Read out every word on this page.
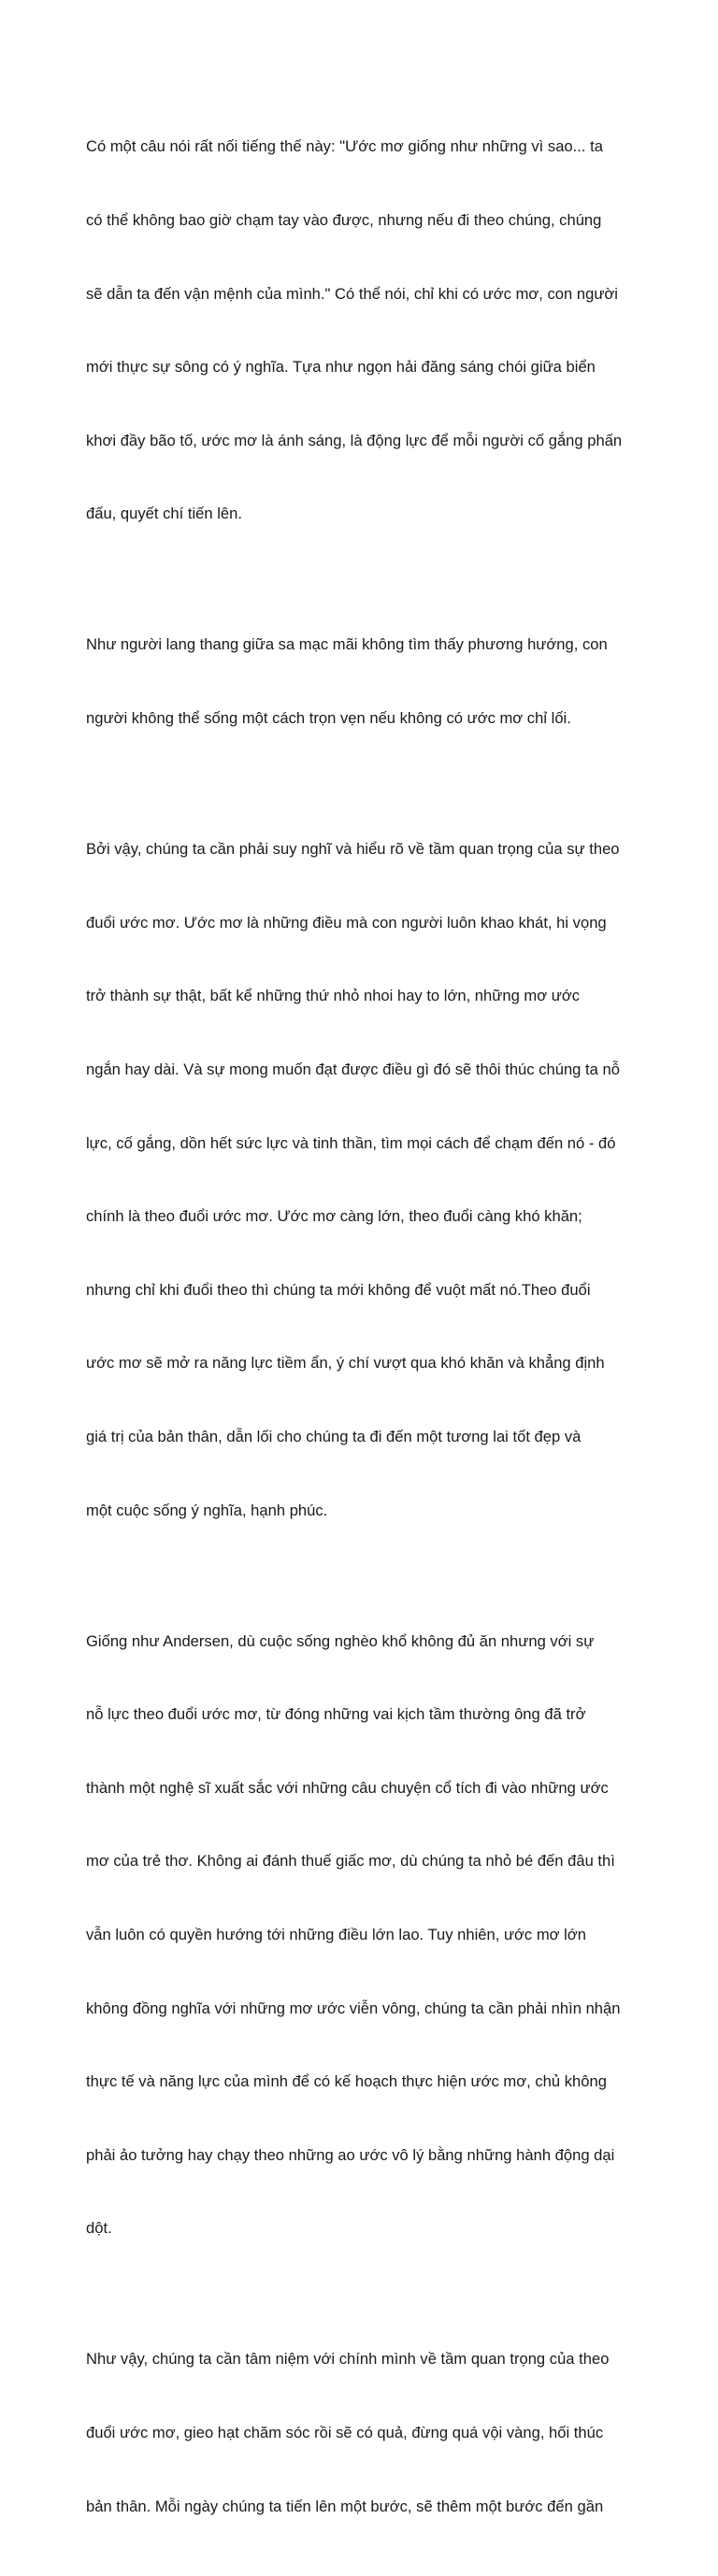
Có một câu nói rất nối tiếng thế này: "Ước mơ giống như những vì sao... ta

có thể không bao giờ chạm tay vào được, nhưng nếu đi theo chúng, chúng

sẽ dẫn ta đến vận mệnh của mình." Có thể nói, chỉ khi có ước mơ, con người

mới thực sự sông có ý nghĩa. Tựa như ngọn hải đăng sáng chói giữa biển

khơi đầy bão tố, ước mơ là ánh sáng, là động lực để mỗi người cố gắng phấn

đấu, quyết chí tiến lên.

Như người lang thang giữa sa mạc mãi không tìm thấy phương hướng, con

người không thể sống một cách trọn vẹn nếu không có ước mơ chỉ lối.

Bởi vậy, chúng ta cần phải suy nghĩ và hiểu rõ về tầm quan trọng của sự theo

đuổi ước mơ. Ước mơ là những điều mà con người luôn khao khát, hi vọng

trở thành sự thật, bất kể những thứ nhỏ nhoi hay to lớn, những mơ ước

ngắn hay dài. Và sự mong muốn đạt được điều gì đó sẽ thôi thúc chúng ta nỗ

lực, cố gắng, dồn hết sức lực và tinh thần, tìm mọi cách để chạm đến nó - đó

chính là theo đuổi ước mơ. Ước mơ càng lớn, theo đuổi càng khó khăn;

nhưng chỉ khi đuổi theo thì chúng ta mới không để vuột mất nó.Theo đuổi

ước mơ sẽ mở ra năng lực tiềm ẩn, ý chí vượt qua khó khăn và khẳng định

giá trị của bản thân, dẫn lối cho chúng ta đi đến một tương lai tốt đẹp và

một cuộc sống ý nghĩa, hạnh phúc.

Giống như Andersen, dù cuộc sống nghèo khổ không đủ ăn nhưng với sự

nỗ lực theo đuổi ước mơ, từ đóng những vai kịch tầm thường ông đã trở

thành một nghệ sĩ xuất sắc với những câu chuyện cổ tích đi vào những ước

mơ của trẻ thơ. Không ai đánh thuế giấc mơ, dù chúng ta nhỏ bé đến đâu thì

vẫn luôn có quyền hướng tới những điều lớn lao. Tuy nhiên, ước mơ lớn

không đồng nghĩa với những mơ ước viễn vông, chúng ta cần phải nhìn nhận

thực tế và năng lực của mình để có kế hoạch thực hiện ước mơ, chủ không

phải ảo tưởng hay chạy theo những ao ước vô lý bằng những hành động dại

dột.

Như vậy, chúng ta cần tâm niệm với chính mình về tầm quan trọng của theo

đuổi ước mơ, gieo hạt chăm sóc rồi sẽ có quả, đừng quá vội vàng, hối thúc

bản thân. Mỗi ngày chúng ta tiến lên một bước, sẽ thêm một bước đến gần
